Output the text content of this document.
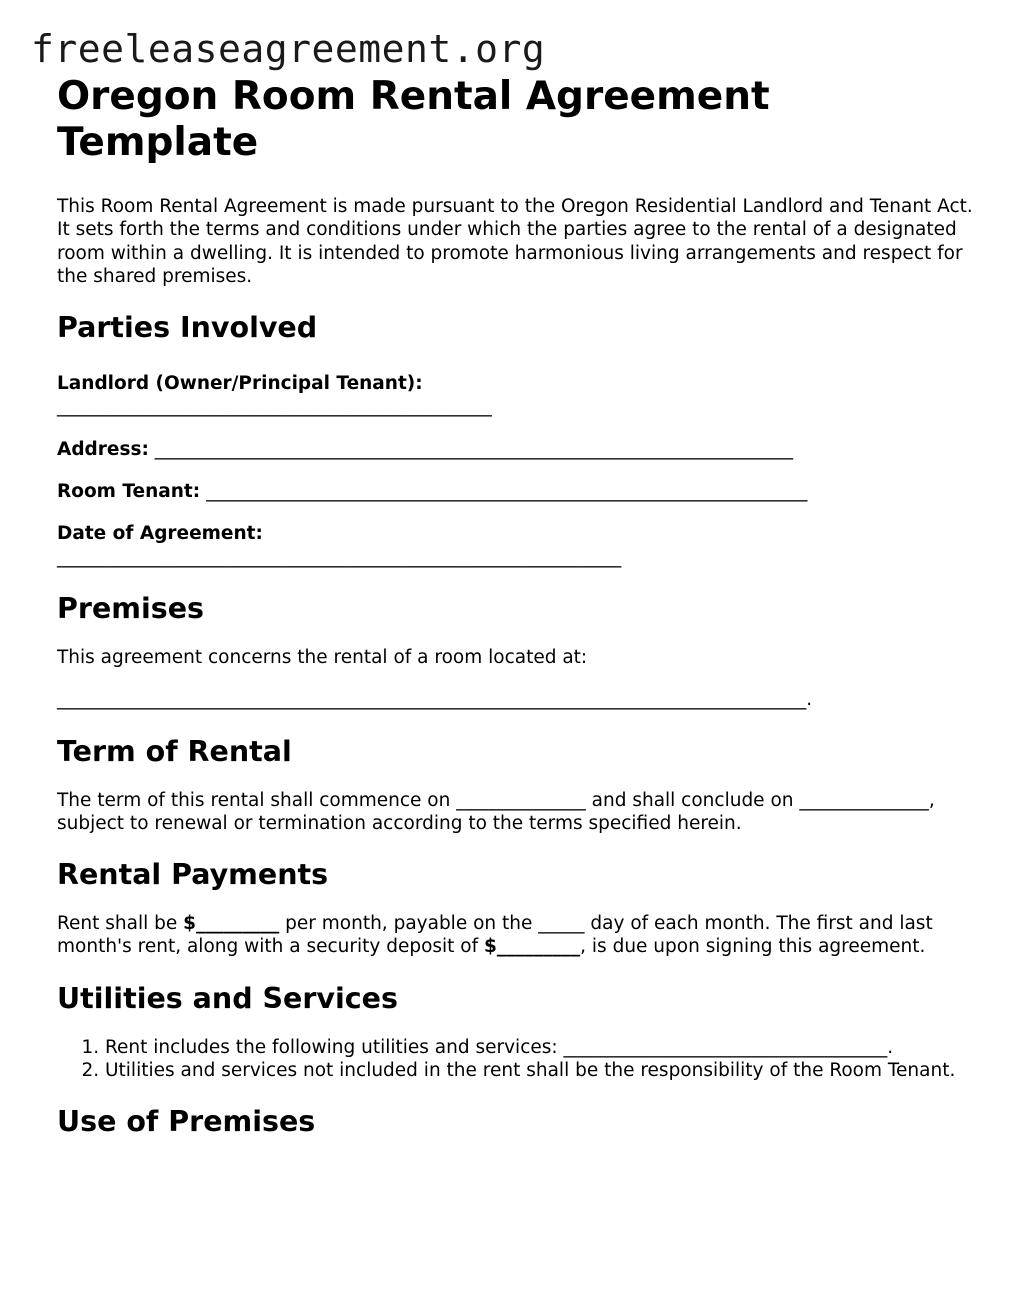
freeleaseagreement.org
Oregon Room Rental Agreement Template

This Room Rental Agreement is made pursuant to the Oregon Residential Landlord and Tenant Act. It sets forth the terms and conditions under which the parties agree to the rental of a designated room within a dwelling. It is intended to promote harmonious living arrangements and respect for the shared premises.

Parties Involved

Landlord (Owner/Principal Tenant): _______________________________________________

Address: _____________________________________________________________________

Room Tenant: _________________________________________________________________

Date of Agreement: _____________________________________________________________

Premises

This agreement concerns the rental of a room located at:

_________________________________________________________________________________.

Term of Rental

The term of this rental shall commence on ______________ and shall conclude on ______________, subject to renewal or termination according to the terms specified herein.

Rental Payments

Rent shall be $_________ per month, payable on the _____ day of each month. The first and last month's rent, along with a security deposit of $_________, is due upon signing this agreement.

Utilities and Services
1. Rent includes the following utilities and services: ___________________________________.
2. Utilities and services not included in the rent shall be the responsibility of the Room Tenant.
Use of Premises
